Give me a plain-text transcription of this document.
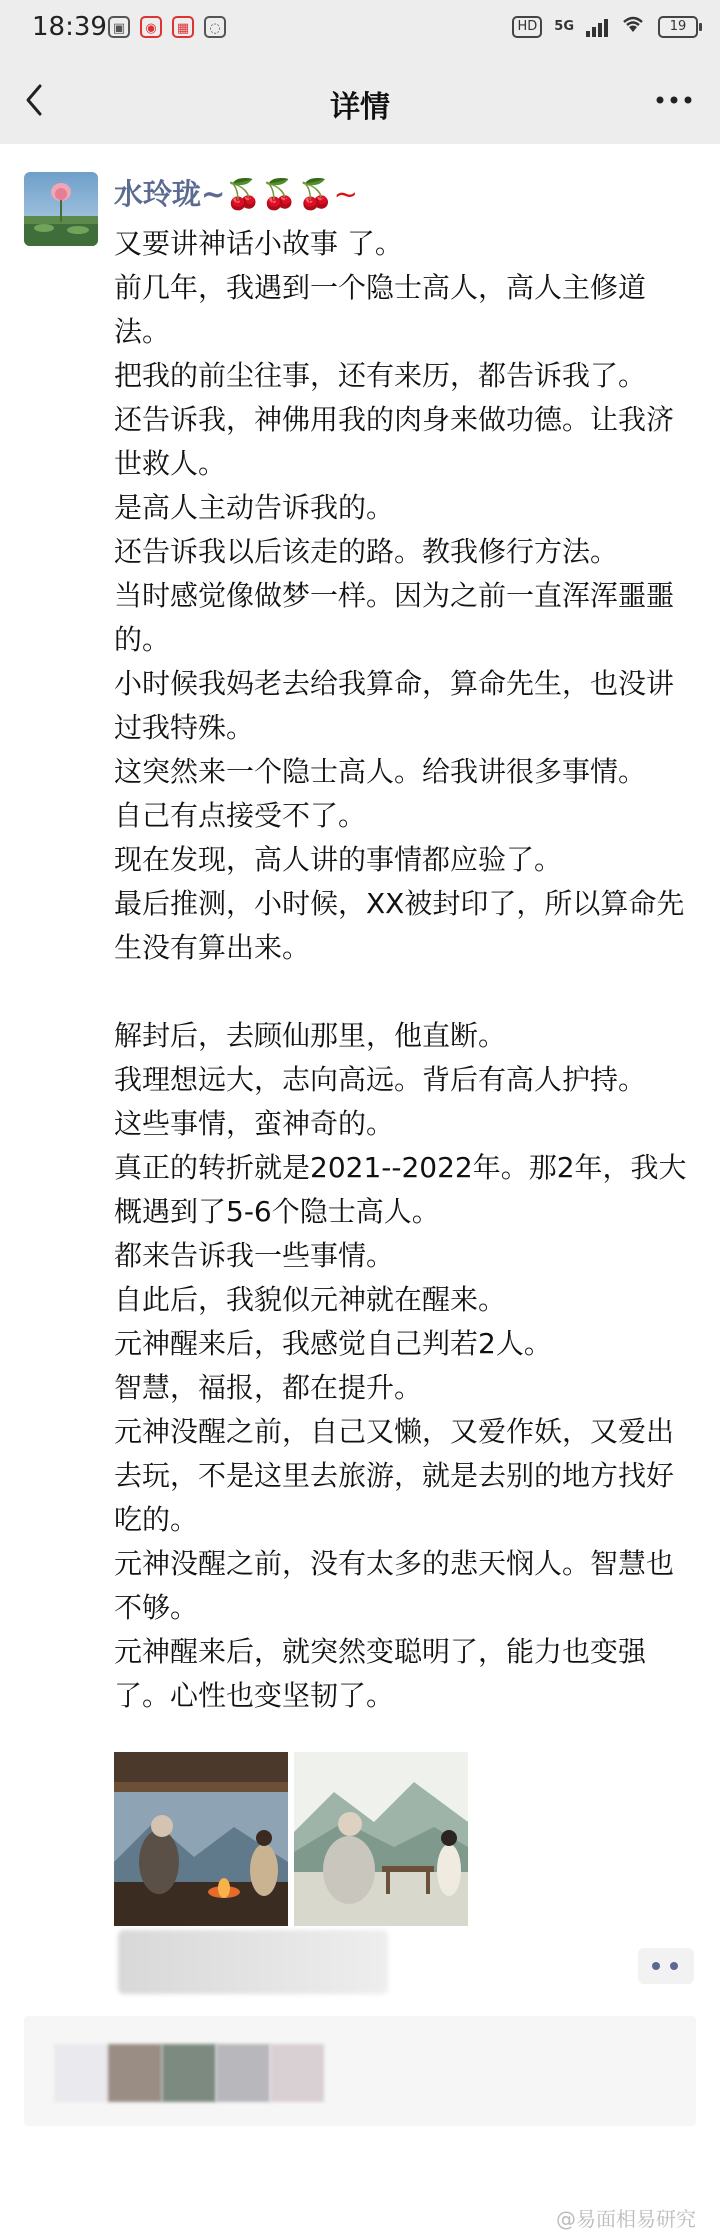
18:39 ▣	◉	▦	◌	HD	5G	19
详情
水玲珑~🍒🍒🍒~

又要讲神话小故事 了。

前几年，我遇到一个隐士高人，高人主修道法。

把我的前尘往事，还有来历，都告诉我了。

还告诉我，神佛用我的肉身来做功德。让我济世救人。

是高人主动告诉我的。

还告诉我以后该走的路。教我修行方法。

当时感觉像做梦一样。因为之前一直浑浑噩噩的。

小时候我妈老去给我算命，算命先生，也没讲过我特殊。

这突然来一个隐士高人。给我讲很多事情。

自己有点接受不了。

现在发现，高人讲的事情都应验了。

最后推测，小时候，XX被封印了，所以算命先生没有算出来。

解封后，去顾仙那里，他直断。

我理想远大，志向高远。背后有高人护持。

这些事情，蛮神奇的。

真正的转折就是2021--2022年。那2年，我大概遇到了5-6个隐士高人。

都来告诉我一些事情。

自此后，我貌似元神就在醒来。

元神醒来后，我感觉自己判若2人。

智慧，福报，都在提升。

元神没醒之前，自己又懒，又爱作妖，又爱出去玩，不是这里去旅游，就是去别的地方找好吃的。

元神没醒之前，没有太多的悲天悯人。智慧也不够。

元神醒来后，就突然变聪明了，能力也变强了。心性也变坚韧了。

@易面相易研究
